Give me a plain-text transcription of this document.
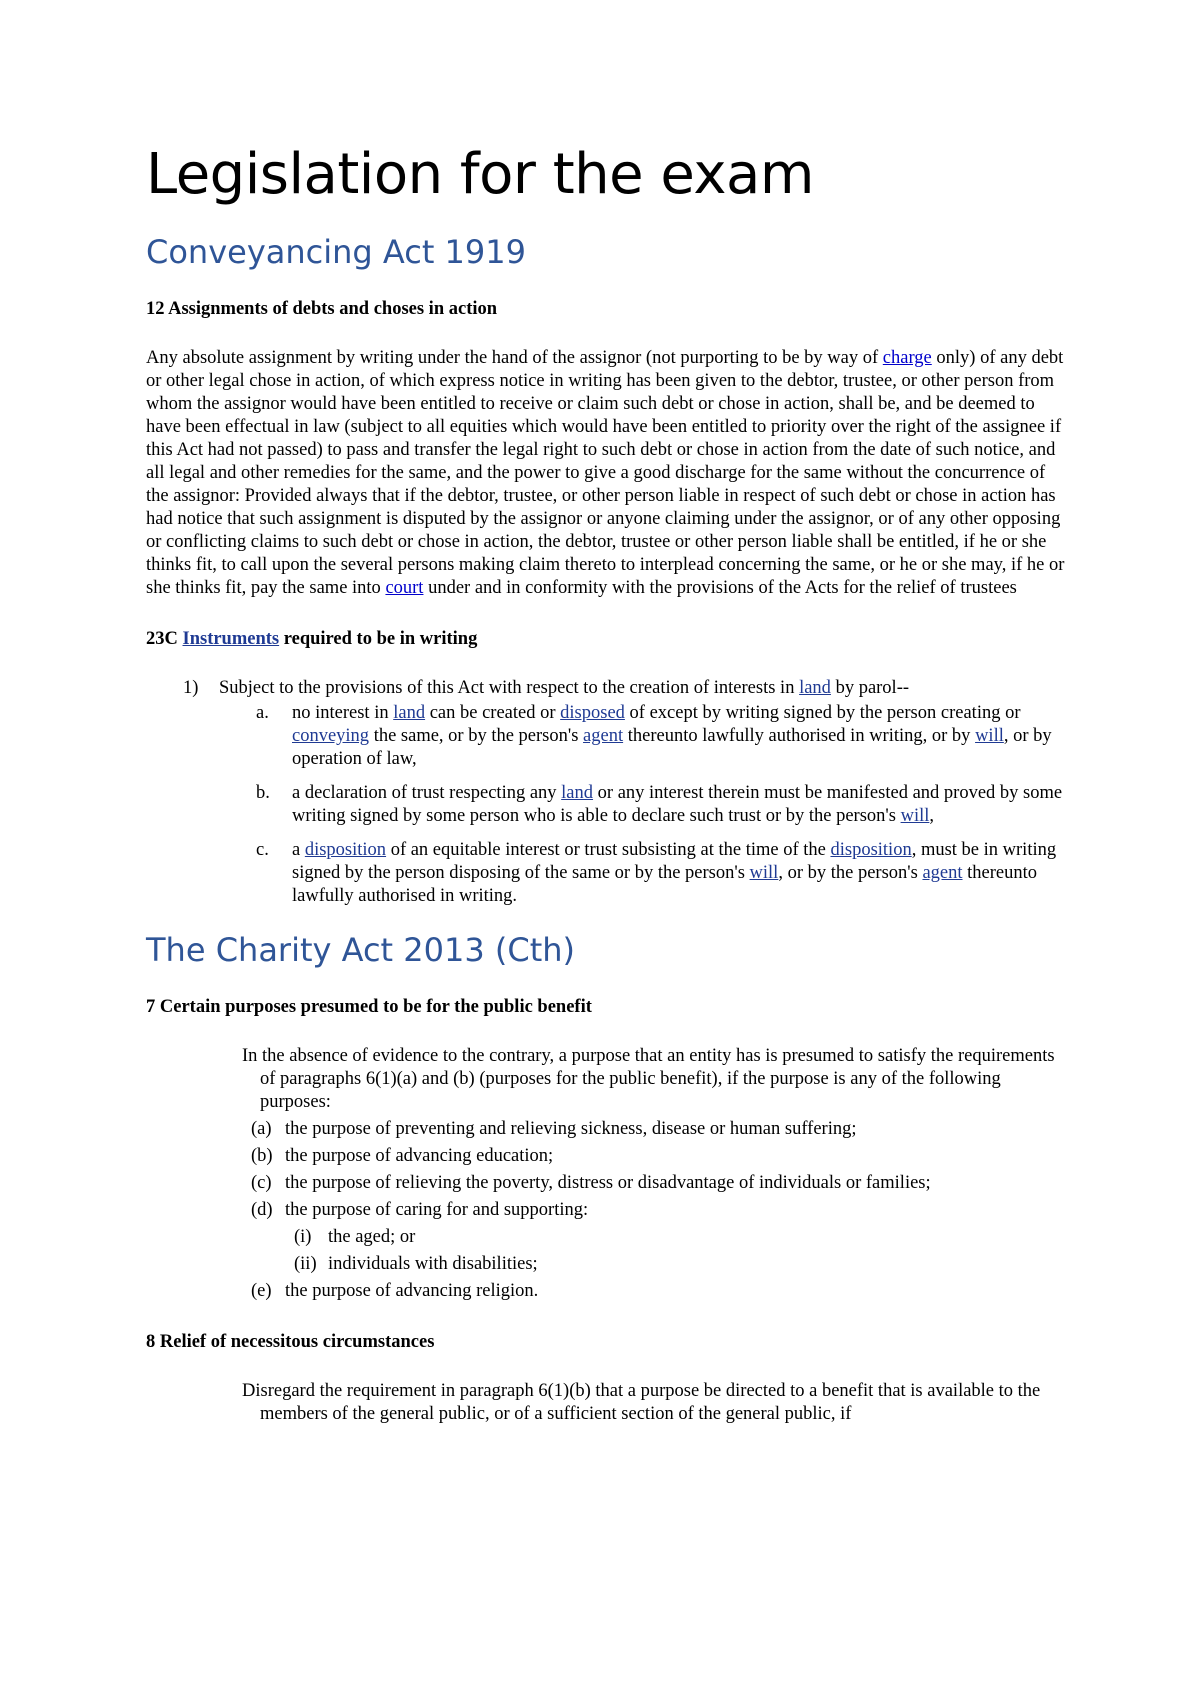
Legislation for the exam
Conveyancing Act 1919
12 Assignments of debts and choses in action
Any absolute assignment by writing under the hand of the assignor (not purporting to be by way of charge only) of any debt or other legal chose in action, of which express notice in writing has been given to the debtor, trustee, or other person from whom the assignor would have been entitled to receive or claim such debt or chose in action, shall be, and be deemed to have been effectual in law (subject to all equities which would have been entitled to priority over the right of the assignee if this Act had not passed) to pass and transfer the legal right to such debt or chose in action from the date of such notice, and all legal and other remedies for the same, and the power to give a good discharge for the same without the concurrence of the assignor: Provided always that if the debtor, trustee, or other person liable in respect of such debt or chose in action has had notice that such assignment is disputed by the assignor or anyone claiming under the assignor, or of any other opposing or conflicting claims to such debt or chose in action, the debtor, trustee or other person liable shall be entitled, if he or she thinks fit, to call upon the several persons making claim thereto to interplead concerning the same, or he or she may, if he or she thinks fit, pay the same into court under and in conformity with the provisions of the Acts for the relief of trustees
23C Instruments required to be in writing
1) Subject to the provisions of this Act with respect to the creation of interests in land by parol--
a. no interest in land can be created or disposed of except by writing signed by the person creating or conveying the same, or by the person's agent thereunto lawfully authorised in writing, or by will, or by operation of law,
b. a declaration of trust respecting any land or any interest therein must be manifested and proved by some writing signed by some person who is able to declare such trust or by the person's will,
c. a disposition of an equitable interest or trust subsisting at the time of the disposition, must be in writing signed by the person disposing of the same or by the person's will, or by the person's agent thereunto lawfully authorised in writing.
The Charity Act 2013 (Cth)
7 Certain purposes presumed to be for the public benefit
In the absence of evidence to the contrary, a purpose that an entity has is presumed to satisfy the requirements of paragraphs 6(1)(a) and (b) (purposes for the public benefit), if the purpose is any of the following purposes:
(a) the purpose of preventing and relieving sickness, disease or human suffering;
(b) the purpose of advancing education;
(c) the purpose of relieving the poverty, distress or disadvantage of individuals or families;
(d) the purpose of caring for and supporting:
(i) the aged; or
(ii) individuals with disabilities;
(e) the purpose of advancing religion.
8 Relief of necessitous circumstances
Disregard the requirement in paragraph 6(1)(b) that a purpose be directed to a benefit that is available to the members of the general public, or of a sufficient section of the general public, if
